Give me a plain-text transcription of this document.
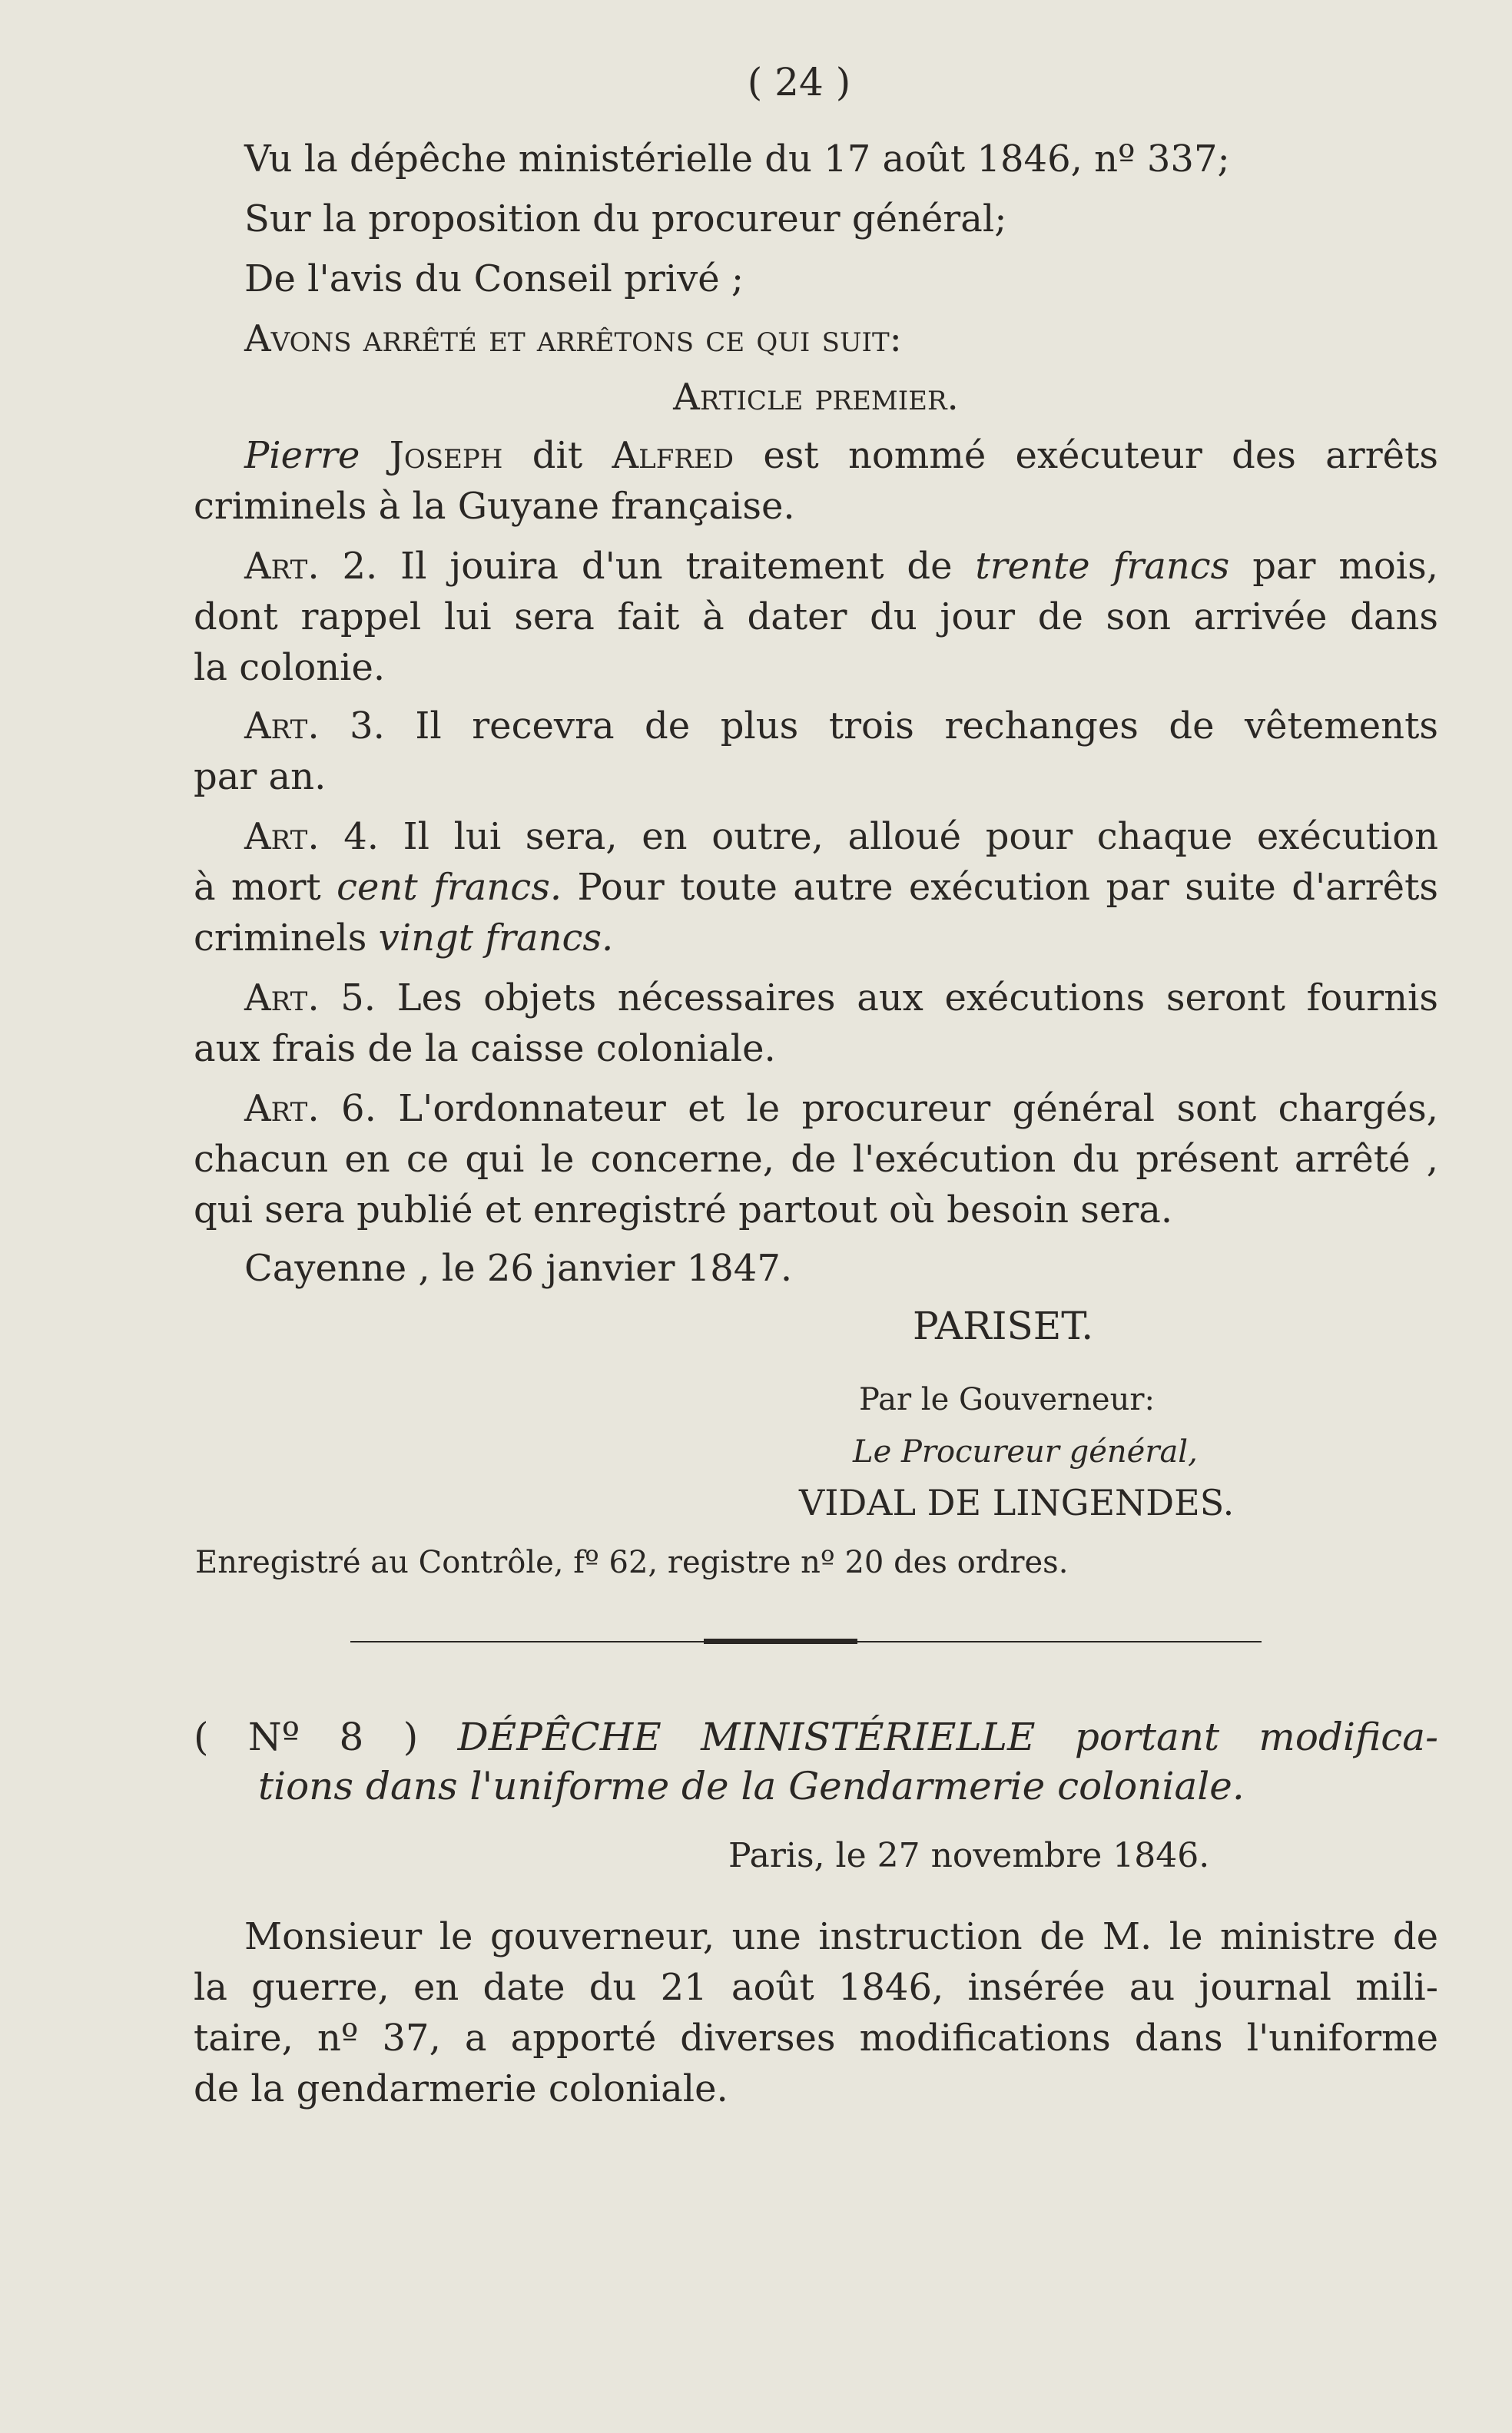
( 24 )
Vu la dépêche ministérielle du 17 août 1846, nº 337;
Sur la proposition du procureur général;
De l'avis du Conseil privé ;
Avons arrêté et arrêtons ce qui suit:
Article premier.
Pierre Joseph dit Alfred est nommé exécuteur des arrêts
criminels à la Guyane française.
Art. 2. Il jouira d'un traitement de trente francs par mois,
dont rappel lui sera fait à dater du jour de son arrivée dans
la colonie.
Art. 3. Il recevra de plus trois rechanges de vêtements
par an.
Art. 4. Il lui sera, en outre, alloué pour chaque exécution
à mort cent francs. Pour toute autre exécution par suite d'arrêts
criminels vingt francs.
Art. 5. Les objets nécessaires aux exécutions seront fournis
aux frais de la caisse coloniale.
Art. 6. L'ordonnateur et le procureur général sont chargés,
chacun en ce qui le concerne, de l'exécution du présent arrêté ,
qui sera publié et enregistré partout où besoin sera.
Cayenne , le 26 janvier 1847.
PARISET.
Par le Gouverneur:
Le Procureur général,
VIDAL DE LINGENDES.
Enregistré au Contrôle, fº 62, registre nº 20 des ordres.
( Nº 8 ) DÉPÊCHE MINISTÉRIELLE portant modifica-
tions dans l'uniforme de la Gendarmerie coloniale.
Paris, le 27 novembre 1846.
Monsieur le gouverneur, une instruction de M. le ministre de
la guerre, en date du 21 août 1846, insérée au journal mili-
taire, nº 37, a apporté diverses modifications dans l'uniforme
de la gendarmerie coloniale.
